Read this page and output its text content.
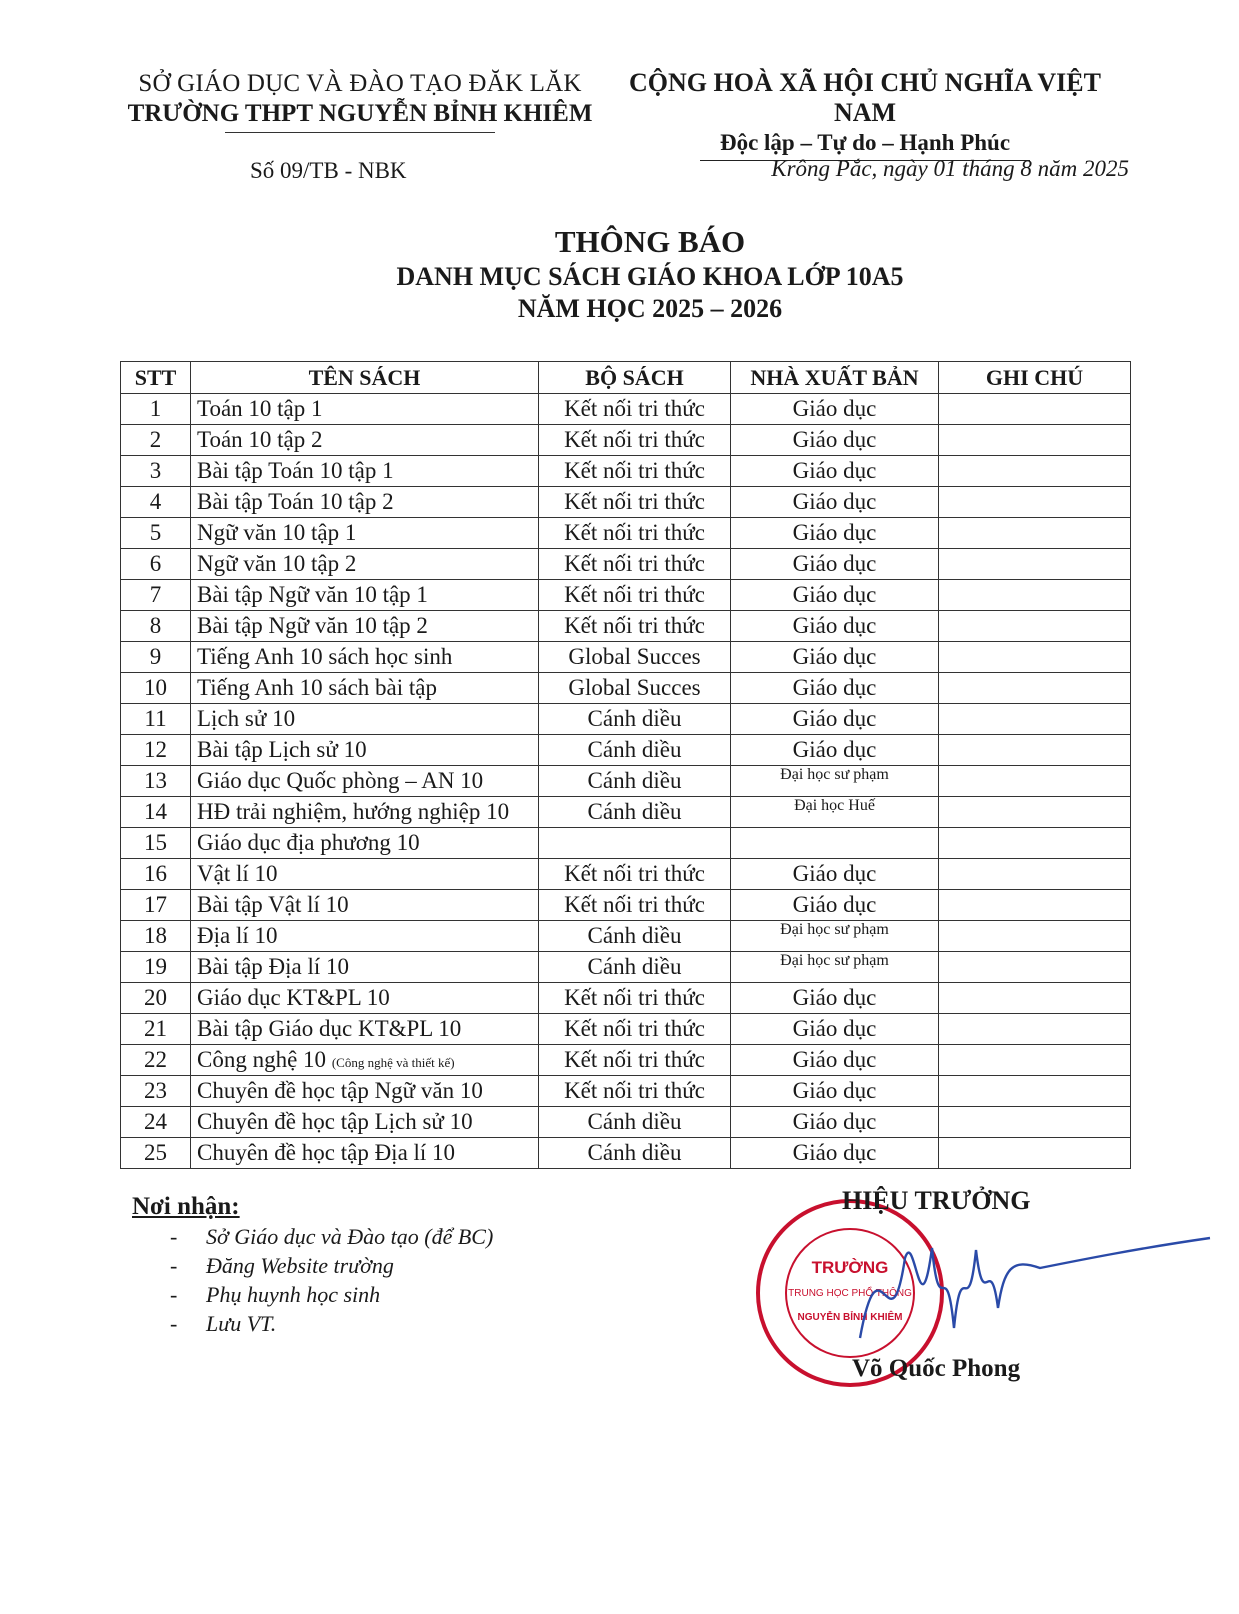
SỞ GIÁO DỤC VÀ ĐÀO TẠO ĐĂK LĂK
TRƯỜNG THPT NGUYỄN BỈNH KHIÊM
CỘNG HOÀ XÃ HỘI CHỦ NGHĨA VIỆT NAM
Độc lập – Tự do – Hạnh Phúc
Số 09/TB - NBK	Krông Pắc, ngày 01 tháng 8 năm 2025
THÔNG BÁO
DANH MỤC SÁCH GIÁO KHOA LỚP 10A5
NĂM HỌC 2025 – 2026
STT	TÊN SÁCH	BỘ SÁCH	NHÀ XUẤT BẢN	GHI CHÚ
1	Toán 10 tập 1	Kết nối tri thức	Giáo dục	
2	Toán 10 tập 2	Kết nối tri thức	Giáo dục	
3	Bài tập Toán 10 tập 1	Kết nối tri thức	Giáo dục	
4	Bài tập Toán 10 tập 2	Kết nối tri thức	Giáo dục	
5	Ngữ văn 10 tập 1	Kết nối tri thức	Giáo dục	
6	Ngữ văn 10 tập 2	Kết nối tri thức	Giáo dục	
7	Bài tập Ngữ văn 10 tập 1	Kết nối tri thức	Giáo dục	
8	Bài tập Ngữ văn 10 tập 2	Kết nối tri thức	Giáo dục	
9	Tiếng Anh 10 sách học sinh	Global Succes	Giáo dục	
10	Tiếng Anh 10 sách bài tập	Global Succes	Giáo dục	
11	Lịch sử 10	Cánh diều	Giáo dục	
12	Bài tập Lịch sử 10	Cánh diều	Giáo dục	
13	Giáo dục Quốc phòng – AN 10	Cánh diều	Đại học sư phạm	
14	HĐ trải nghiệm, hướng nghiệp 10	Cánh diều	Đại học Huế	
15	Giáo dục địa phương 10			
16	Vật lí 10	Kết nối tri thức	Giáo dục	
17	Bài tập Vật lí 10	Kết nối tri thức	Giáo dục	
18	Địa lí 10	Cánh diều	Đại học sư phạm	
19	Bài tập Địa lí 10	Cánh diều	Đại học sư phạm	
20	Giáo dục KT&PL 10	Kết nối tri thức	Giáo dục	
21	Bài tập Giáo dục KT&PL 10	Kết nối tri thức	Giáo dục	
22	Công nghệ 10 (Công nghệ và thiết kế)	Kết nối tri thức	Giáo dục	
23	Chuyên đề học tập Ngữ văn 10	Kết nối tri thức	Giáo dục	
24	Chuyên đề học tập Lịch sử 10	Cánh diều	Giáo dục	
25	Chuyên đề học tập Địa lí 10	Cánh diều	Giáo dục	
Nơi nhận:
- Sở Giáo dục và Đào tạo (để BC)
- Đăng Website trường
- Phụ huynh học sinh
- Lưu VT.
TRƯỜNG
TRUNG HỌC PHỔ THÔNG
NGUYỄN BỈNH KHIÊM
HIỆU TRƯỞNG
Võ Quốc Phong
